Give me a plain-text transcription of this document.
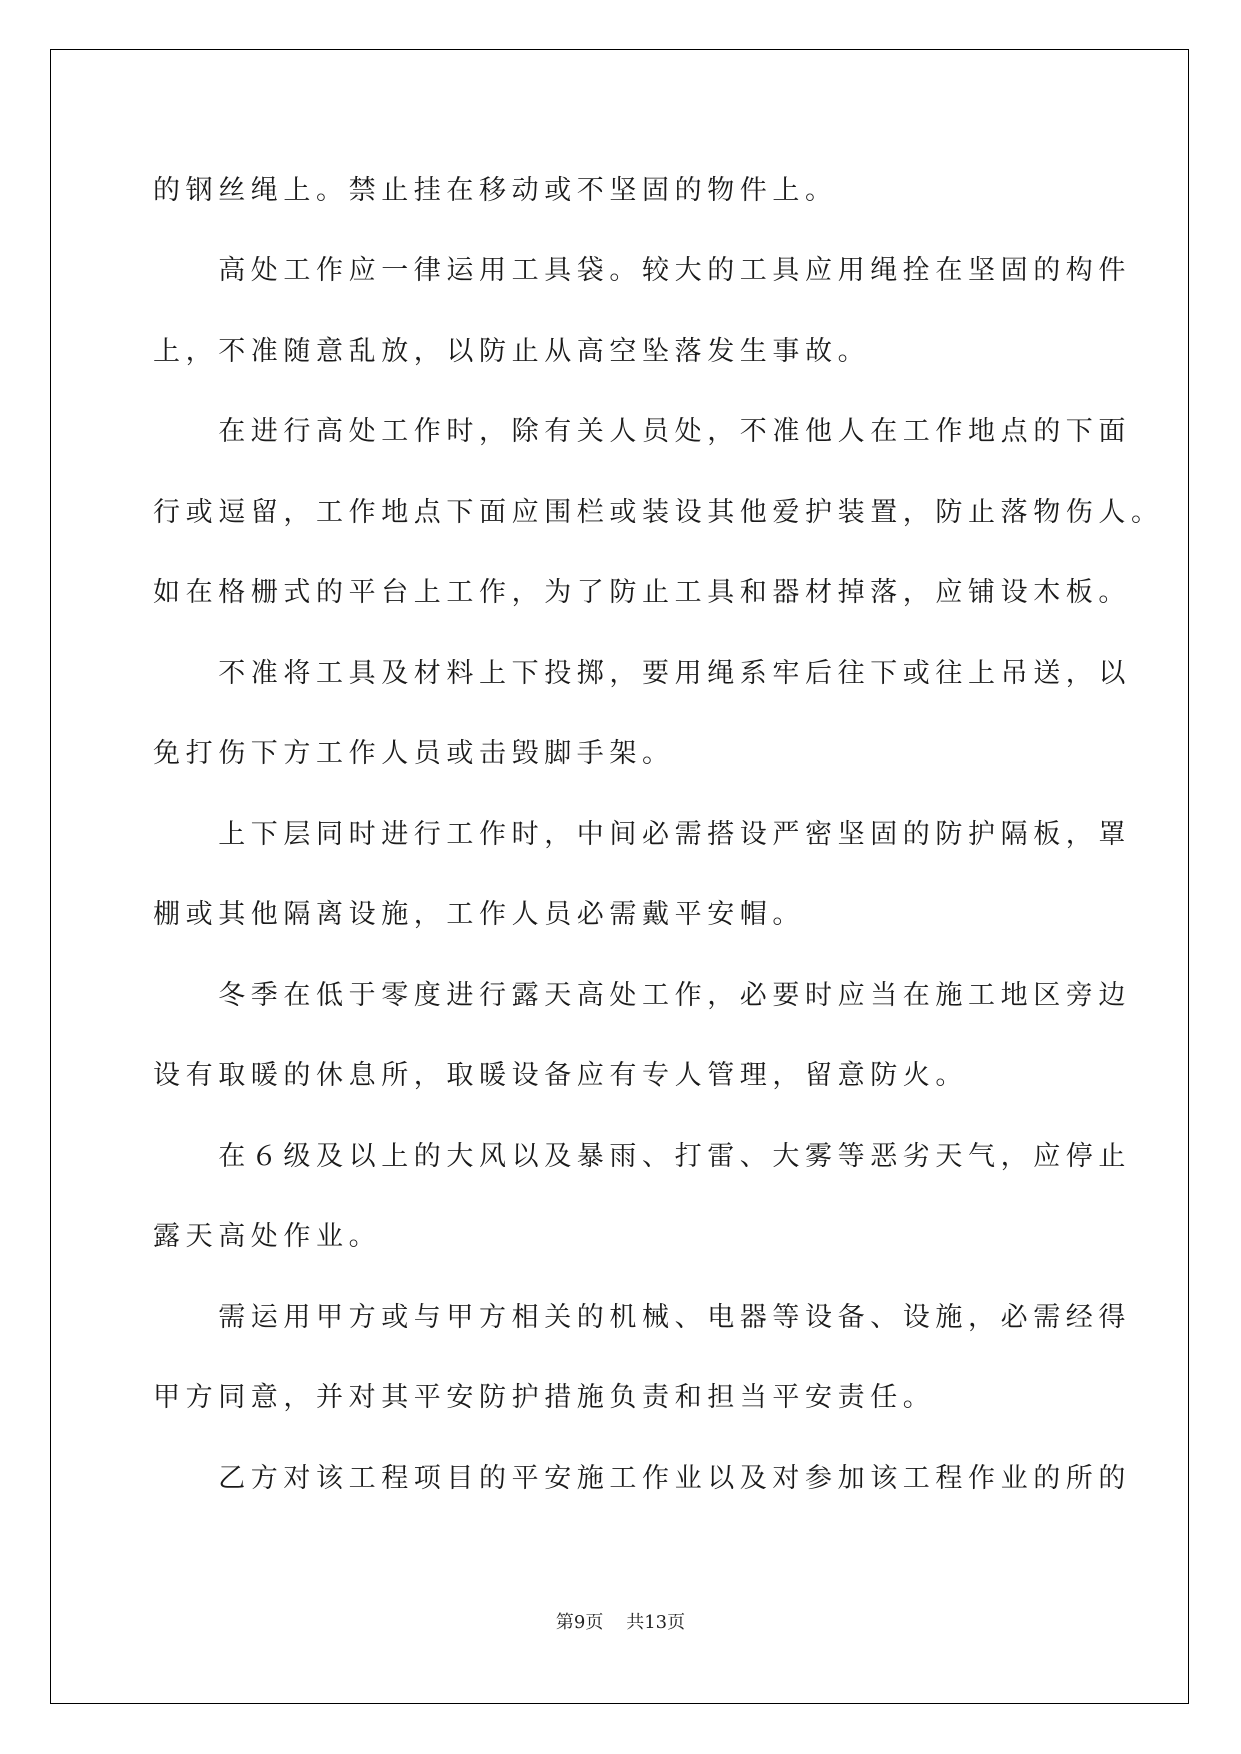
的钢丝绳上。禁止挂在移动或不坚固的物件上。

　　高处工作应一律运用工具袋。较大的工具应用绳拴在坚固的构件

上，不准随意乱放，以防止从高空坠落发生事故。

　　在进行高处工作时，除有关人员处，不准他人在工作地点的下面

行或逗留，工作地点下面应围栏或装设其他爱护装置，防止落物伤人。

如在格栅式的平台上工作，为了防止工具和器材掉落，应铺设木板。

　　不准将工具及材料上下投掷，要用绳系牢后往下或往上吊送，以

免打伤下方工作人员或击毁脚手架。

　　上下层同时进行工作时，中间必需搭设严密坚固的防护隔板，罩

棚或其他隔离设施，工作人员必需戴平安帽。

　　冬季在低于零度进行露天高处工作，必要时应当在施工地区旁边

设有取暖的休息所，取暖设备应有专人管理，留意防火。

　　在６级及以上的大风以及暴雨、打雷、大雾等恶劣天气，应停止

露天高处作业。

　　需运用甲方或与甲方相关的机械、电器等设备、设施，必需经得

甲方同意，并对其平安防护措施负责和担当平安责任。

　　乙方对该工程项目的平安施工作业以及对参加该工程作业的所的

第9页 共13页
